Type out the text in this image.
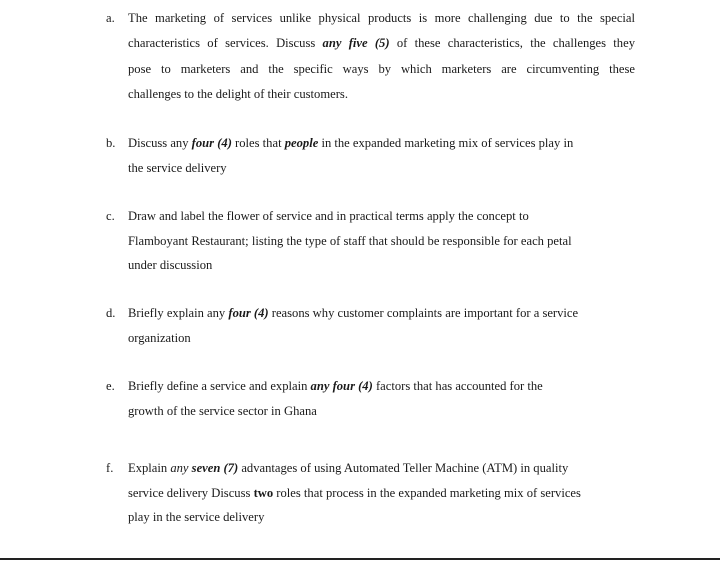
a. The marketing of services unlike physical products is more challenging due to the special
characteristics of services. Discuss any five (5) of these characteristics, the challenges they
pose to marketers and the specific ways by which marketers are circumventing these
challenges to the delight of their customers.
b. Discuss any four (4) roles that people in the expanded marketing mix of services play in
the service delivery
c. Draw and label the flower of service and in practical terms apply the concept to
Flamboyant Restaurant; listing the type of staff that should be responsible for each petal
under discussion
d. Briefly explain any four (4) reasons why customer complaints are important for a service
organization
e. Briefly define a service and explain any four (4) factors that has accounted for the
growth of the service sector in Ghana
f. Explain any seven (7) advantages of using Automated Teller Machine (ATM) in quality
service delivery Discuss two roles that process in the expanded marketing mix of services
play in the service delivery
